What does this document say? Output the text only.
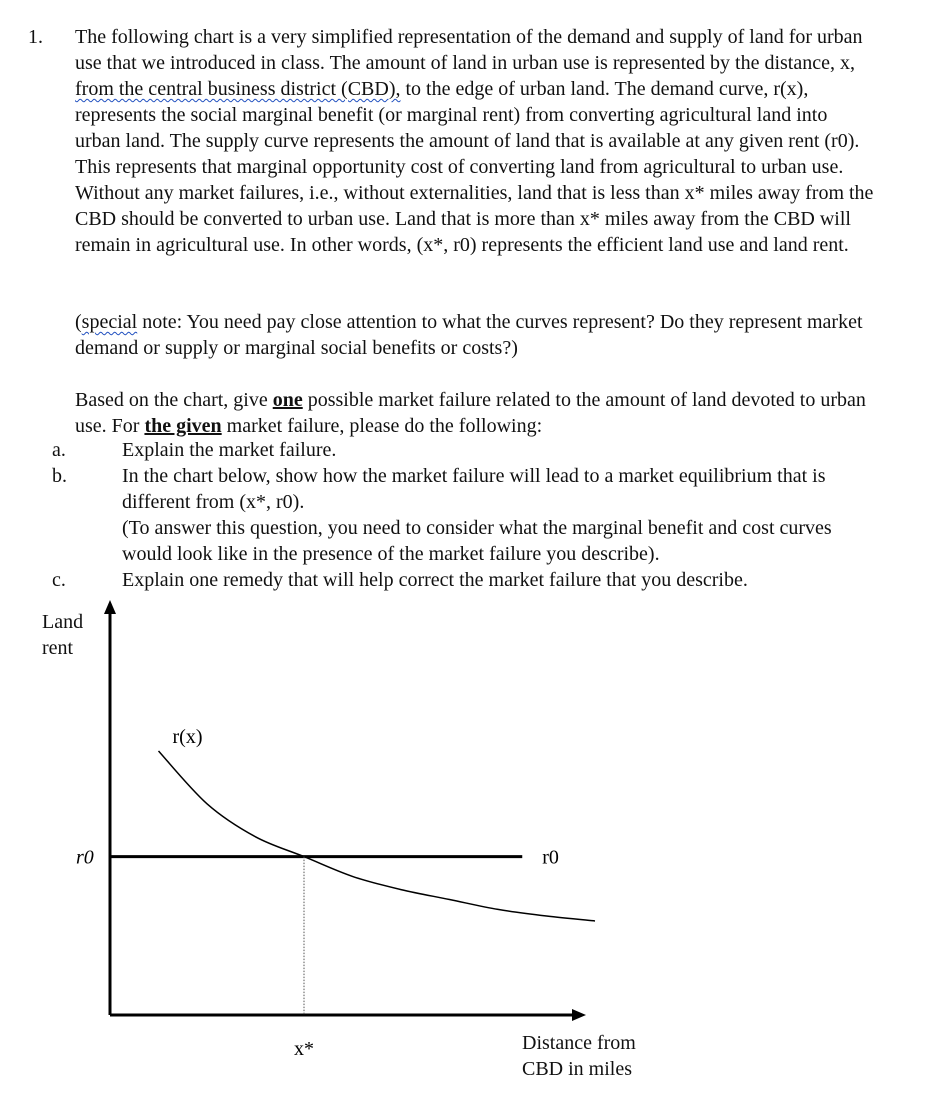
1. The following chart is a very simplified representation of the demand and supply of land for urban use that we introduced in class. The amount of land in urban use is represented by the distance, x, from the central business district (CBD), to the edge of urban land. The demand curve, r(x), represents the social marginal benefit (or marginal rent) from converting agricultural land into urban land. The supply curve represents the amount of land that is available at any given rent (r0). This represents that marginal opportunity cost of converting land from agricultural to urban use. Without any market failures, i.e., without externalities, land that is less than x* miles away from the CBD should be converted to urban use. Land that is more than x* miles away from the CBD will remain in agricultural use. In other words, (x*, r0) represents the efficient land use and land rent.
(special note: You need pay close attention to what the curves represent? Do they represent market demand or supply or marginal social benefits or costs?)
Based on the chart, give one possible market failure related to the amount of land devoted to urban use. For the given market failure, please do the following:
a.	Explain the market failure.
b.	In the chart below, show how the market failure will lead to a market equilibrium that is different from (x*, r0).
(To answer this question, you need to consider what the marginal benefit and cost curves would look like in the presence of the market failure you describe).
c.	Explain one remedy that will help correct the market failure that you describe.
Land
rent
Distance from
CBD in miles
r(x)
r0
r0
x*
